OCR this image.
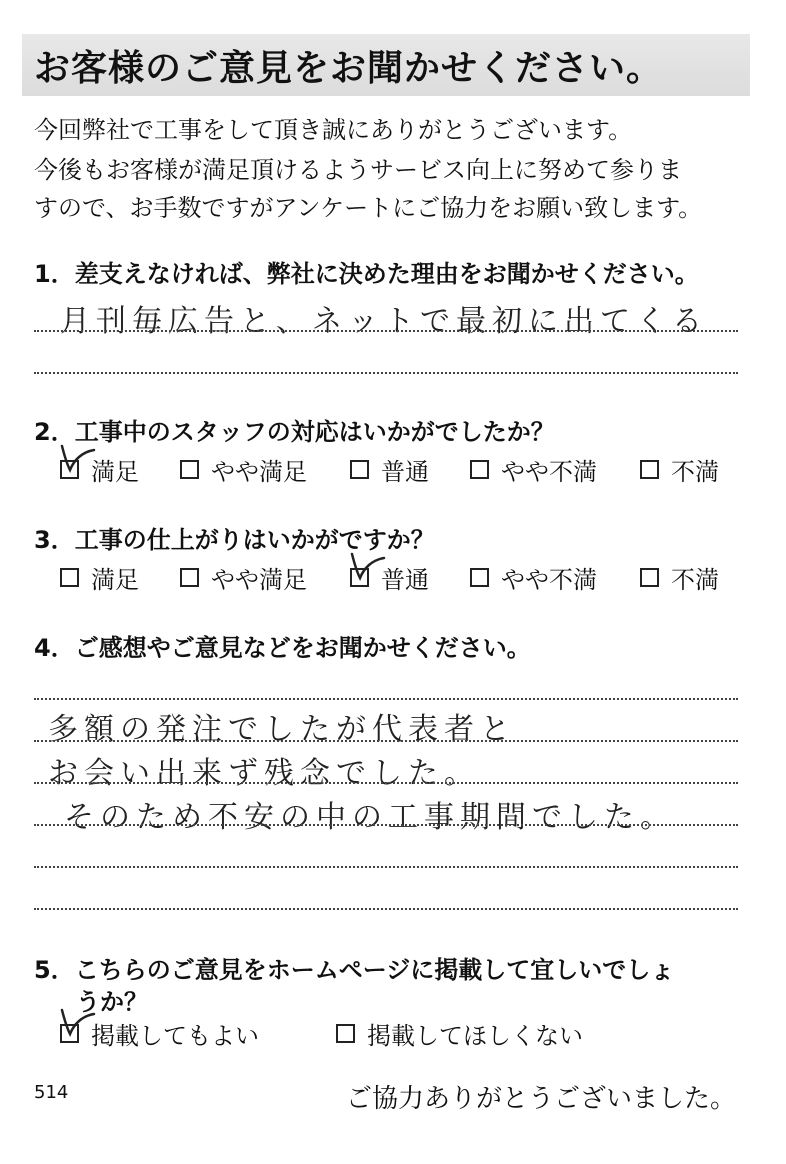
お客様のご意見をお聞かせください。
今回弊社で工事をして頂き誠にありがとうございます。
今後もお客様が満足頂けるようサービス向上に努めて参りま
すので、お手数ですがアンケートにご協力をお願い致します。
1．差支えなければ、弊社に決めた理由をお聞かせください。
月刊毎広告と、ネットで最初に出てくる
2．工事中のスタッフの対応はいかがでしたか？
満足	やや満足	普通	やや不満	不満
3．工事の仕上がりはいかがですか？
満足	やや満足	普通	やや不満	不満
4．ご感想やご意見などをお聞かせください。
多額の発注でしたが代表者と
お会い出来ず残念でした。
そのため不安の中の工事期間でした。
5．こちらのご意見をホームページに掲載して宜しいでしょ
うか？
掲載してもよい	掲載してほしくない
514	ご協力ありがとうございました。
